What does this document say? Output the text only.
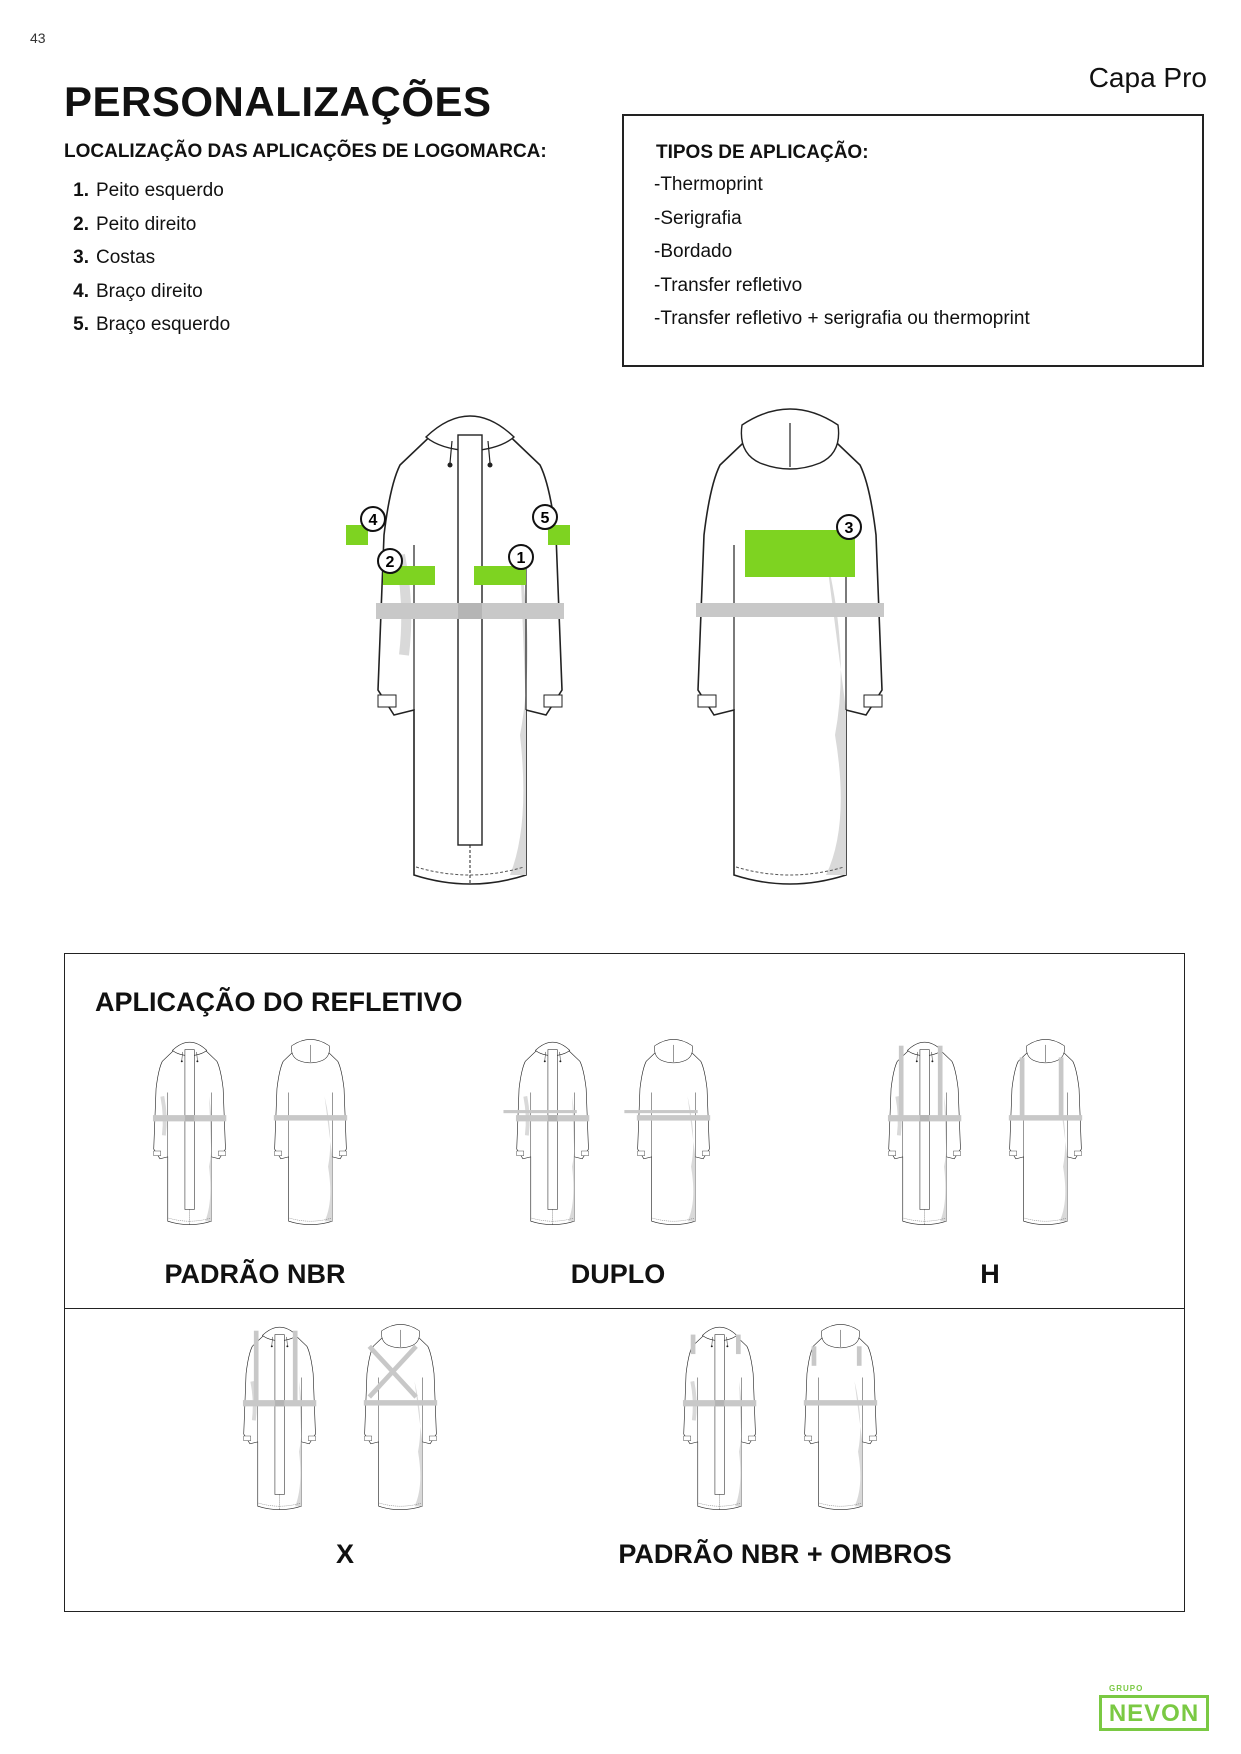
43
Capa Pro
PERSONALIZAÇÕES
LOCALIZAÇÃO DAS APLICAÇÕES DE LOGOMARCA:
1. Peito esquerdo
2. Peito direito
3. Costas
4. Braço direito
5. Braço esquerdo
TIPOS DE APLICAÇÃO:
-Thermoprint
-Serigrafia
-Bordado
-Transfer refletivo
-Transfer refletivo + serigrafia ou thermoprint
1
2
3
4	5
APLICAÇÃO DO REFLETIVO
PADRÃO NBR	DUPLO	H
X	PADRÃO NBR + OMBROS
GRUPO
NEVON
